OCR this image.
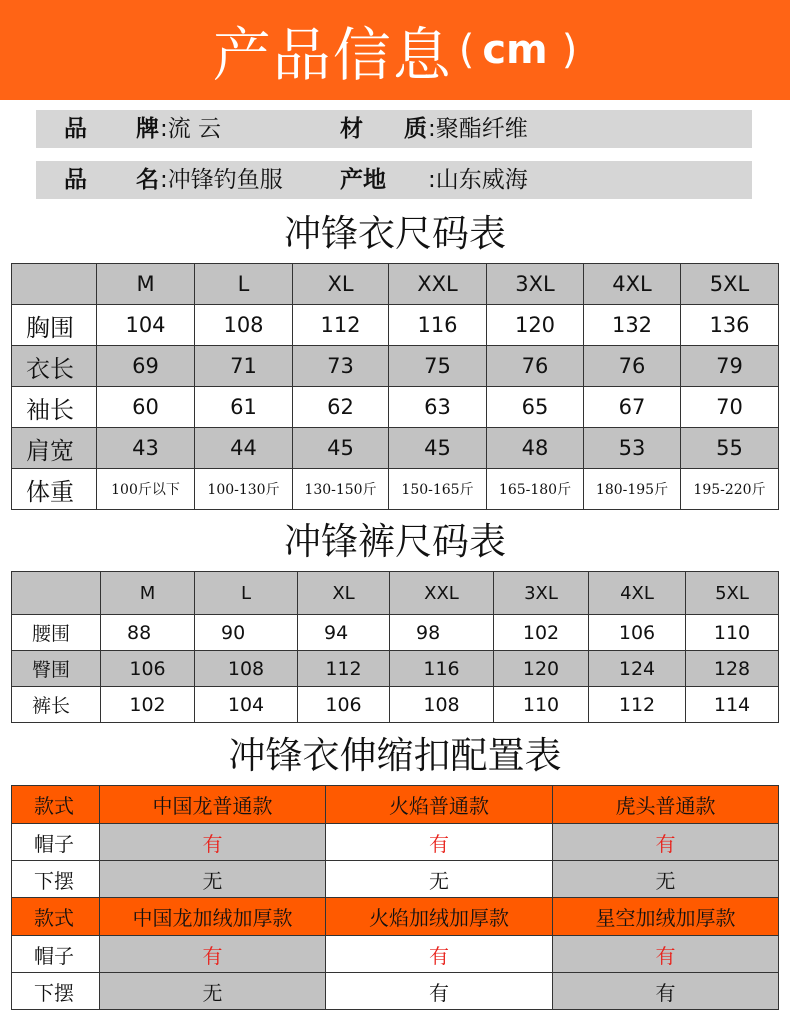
产品信息 ( cm )
品 牌 :流 云	材 质 :聚酯纤维
品 名 :冲锋钓鱼服 产地 :山东威海
冲锋衣尺码表
	M	L	XL	XXL	3XL	4XL	5XL
胸围	104	108	112	116	120	132	136
衣长	69	71	73	75	76	76	79
袖长	60	61	62	63	65	67	70
肩宽	43	44	45	45	48	53	55
体重	100斤以下	100-130斤	130-150斤	150-165斤	165-180斤	180-195斤	195-220斤
冲锋裤尺码表
	M	L	XL	XXL	3XL	4XL	5XL
腰围	88	90	94	98	102	106	110
臀围	106	108	112	116	120	124	128
裤长	102	104	106	108	110	112	114
冲锋衣伸缩扣配置表
款式	中国龙普通款	火焰普通款	虎头普通款
帽子	有	有	有
下摆	无	无	无
款式	中国龙加绒加厚款	火焰加绒加厚款	星空加绒加厚款
帽子	有	有	有
下摆	无	有	有
